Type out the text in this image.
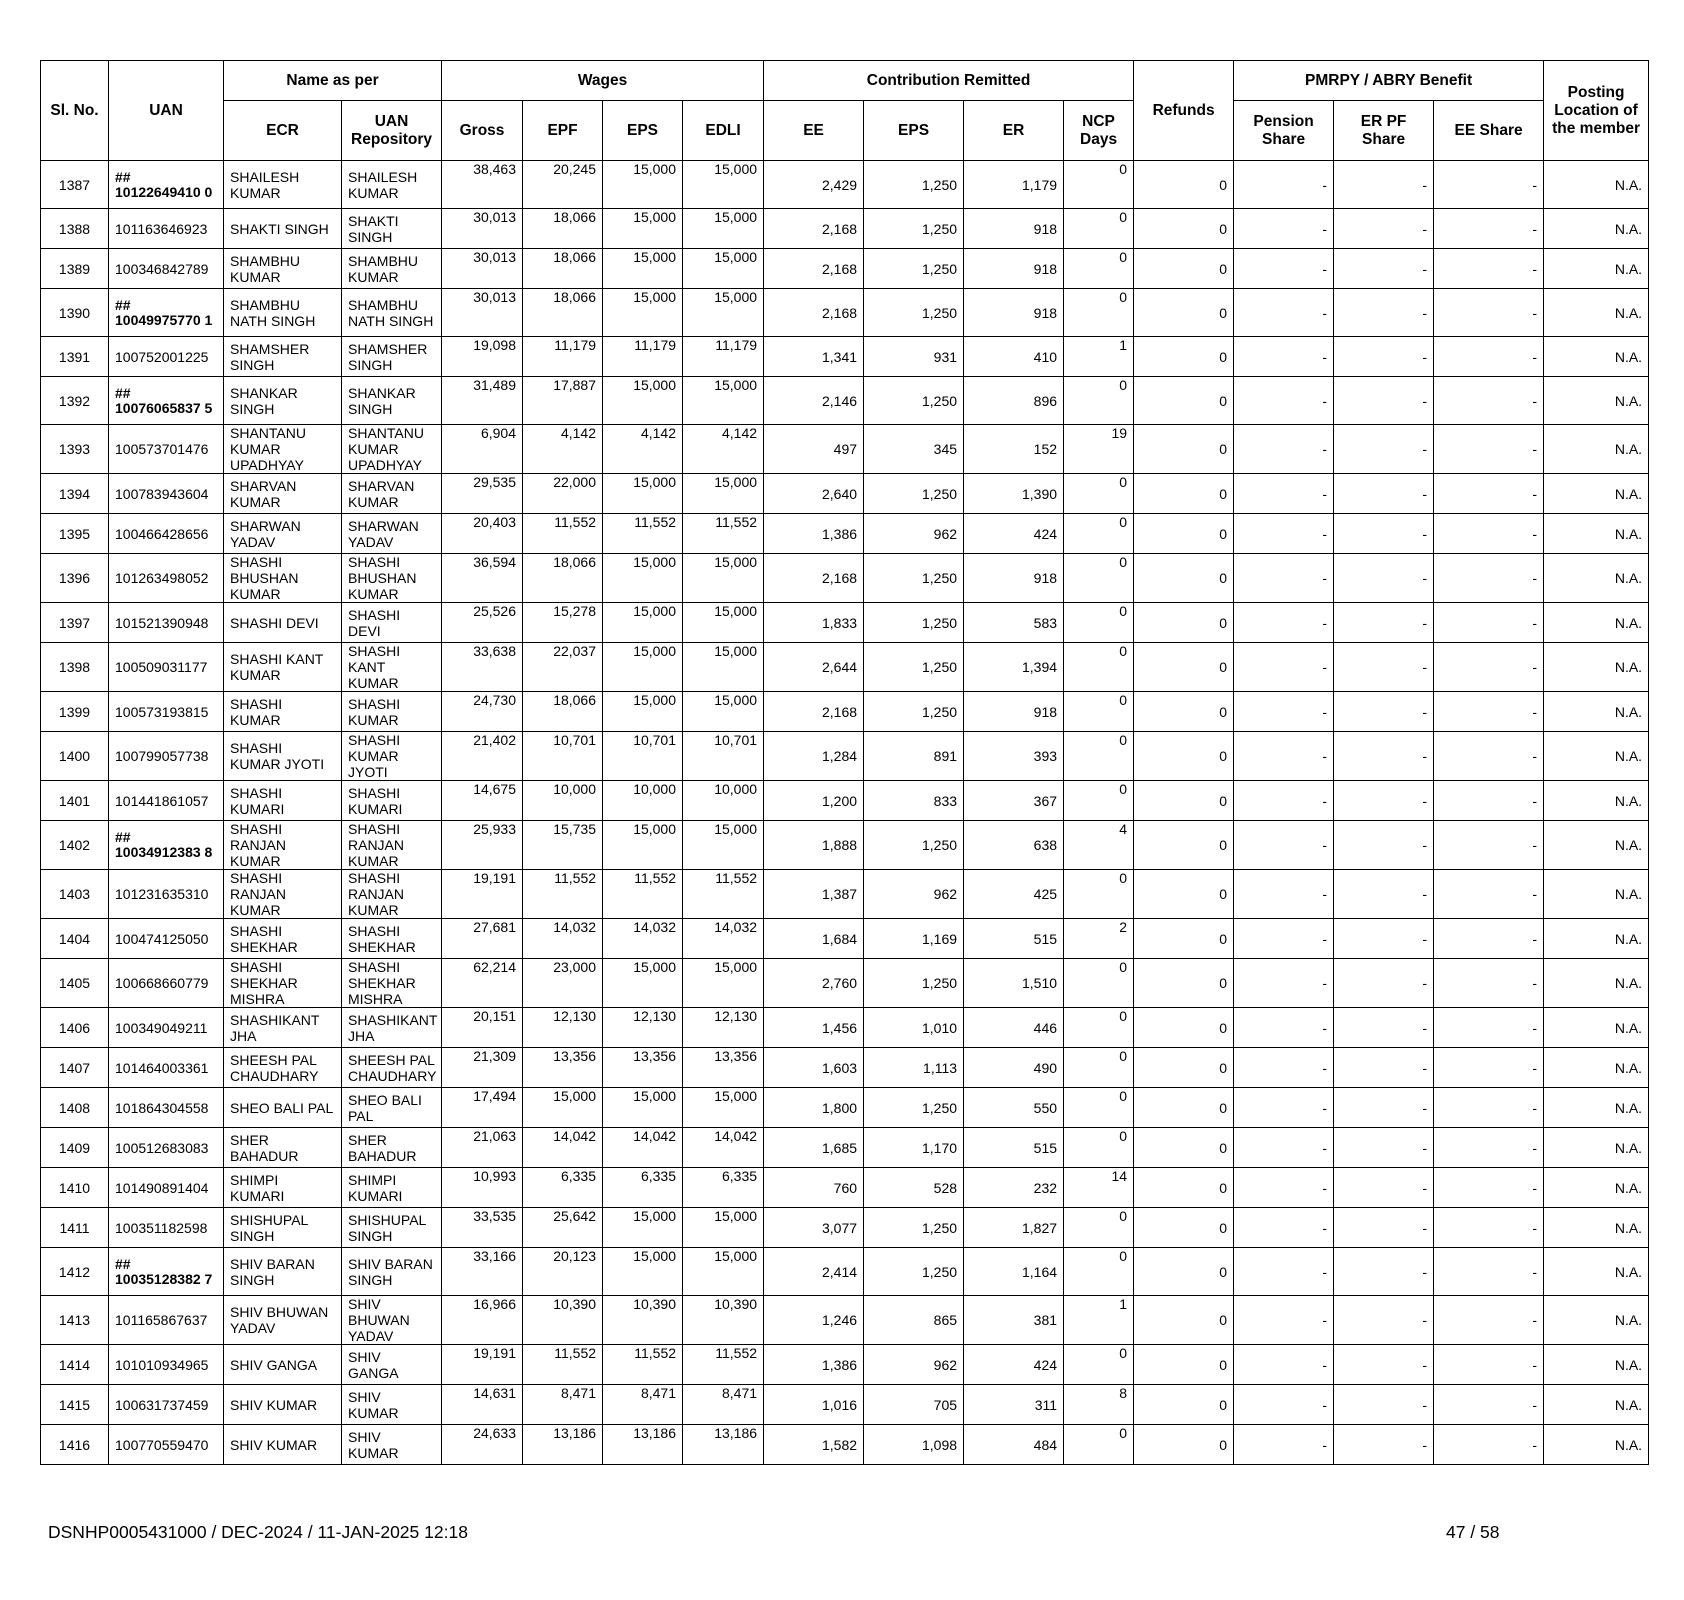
Sl. No.	UAN	Name as per		Wages				Contribution Remitted				Refunds	PMRPY / ABRY Benefit			Posting Location of the member
		ECR	UAN Repository	Gross	EPF	EPS	EDLI	EE	EPS	ER	NCP Days		Pension Share	ER PF Share	EE Share	
1387	## 10122649410 0	SHAILESH KUMAR	SHAILESH KUMAR	38,463	20,245	15,000	15,000	2,429	1,250	1,179	0	0	-	-	-	N.A.
1388	101163646923	SHAKTI SINGH	SHAKTI SINGH	30,013	18,066	15,000	15,000	2,168	1,250	918	0	0	-	-	-	N.A.
1389	100346842789	SHAMBHU KUMAR	SHAMBHU KUMAR	30,013	18,066	15,000	15,000	2,168	1,250	918	0	0	-	-	-	N.A.
1390	## 10049975770 1	SHAMBHU NATH SINGH	SHAMBHU NATH SINGH	30,013	18,066	15,000	15,000	2,168	1,250	918	0	0	-	-	-	N.A.
1391	100752001225	SHAMSHER SINGH	SHAMSHER SINGH	19,098	11,179	11,179	11,179	1,341	931	410	1	0	-	-	-	N.A.
1392	## 10076065837 5	SHANKAR SINGH	SHANKAR SINGH	31,489	17,887	15,000	15,000	2,146	1,250	896	0	0	-	-	-	N.A.
1393	100573701476	SHANTANU KUMAR UPADHYAY	SHANTANU KUMAR UPADHYAY	6,904	4,142	4,142	4,142	497	345	152	19	0	-	-	-	N.A.
1394	100783943604	SHARVAN KUMAR	SHARVAN KUMAR	29,535	22,000	15,000	15,000	2,640	1,250	1,390	0	0	-	-	-	N.A.
1395	100466428656	SHARWAN YADAV	SHARWAN YADAV	20,403	11,552	11,552	11,552	1,386	962	424	0	0	-	-	-	N.A.
1396	101263498052	SHASHI BHUSHAN KUMAR	SHASHI BHUSHAN KUMAR	36,594	18,066	15,000	15,000	2,168	1,250	918	0	0	-	-	-	N.A.
1397	101521390948	SHASHI DEVI	SHASHI DEVI	25,526	15,278	15,000	15,000	1,833	1,250	583	0	0	-	-	-	N.A.
1398	100509031177	SHASHI KANT KUMAR	SHASHI KANT KUMAR	33,638	22,037	15,000	15,000	2,644	1,250	1,394	0	0	-	-	-	N.A.
1399	100573193815	SHASHI KUMAR	SHASHI KUMAR	24,730	18,066	15,000	15,000	2,168	1,250	918	0	0	-	-	-	N.A.
1400	100799057738	SHASHI KUMAR JYOTI	SHASHI KUMAR JYOTI	21,402	10,701	10,701	10,701	1,284	891	393	0	0	-	-	-	N.A.
1401	101441861057	SHASHI KUMARI	SHASHI KUMARI	14,675	10,000	10,000	10,000	1,200	833	367	0	0	-	-	-	N.A.
1402	## 10034912383 8	SHASHI RANJAN KUMAR	SHASHI RANJAN KUMAR	25,933	15,735	15,000	15,000	1,888	1,250	638	4	0	-	-	-	N.A.
1403	101231635310	SHASHI RANJAN KUMAR	SHASHI RANJAN KUMAR	19,191	11,552	11,552	11,552	1,387	962	425	0	0	-	-	-	N.A.
1404	100474125050	SHASHI SHEKHAR	SHASHI SHEKHAR	27,681	14,032	14,032	14,032	1,684	1,169	515	2	0	-	-	-	N.A.
1405	100668660779	SHASHI SHEKHAR MISHRA	SHASHI SHEKHAR MISHRA	62,214	23,000	15,000	15,000	2,760	1,250	1,510	0	0	-	-	-	N.A.
1406	100349049211	SHASHIKANT JHA	SHASHIKANT JHA	20,151	12,130	12,130	12,130	1,456	1,010	446	0	0	-	-	-	N.A.
1407	101464003361	SHEESH PAL CHAUDHARY	SHEESH PAL CHAUDHARY	21,309	13,356	13,356	13,356	1,603	1,113	490	0	0	-	-	-	N.A.
1408	101864304558	SHEO BALI PAL	SHEO BALI PAL	17,494	15,000	15,000	15,000	1,800	1,250	550	0	0	-	-	-	N.A.
1409	100512683083	SHER BAHADUR	SHER BAHADUR	21,063	14,042	14,042	14,042	1,685	1,170	515	0	0	-	-	-	N.A.
1410	101490891404	SHIMPI KUMARI	SHIMPI KUMARI	10,993	6,335	6,335	6,335	760	528	232	14	0	-	-	-	N.A.
1411	100351182598	SHISHUPAL SINGH	SHISHUPAL SINGH	33,535	25,642	15,000	15,000	3,077	1,250	1,827	0	0	-	-	-	N.A.
1412	## 10035128382 7	SHIV BARAN SINGH	SHIV BARAN SINGH	33,166	20,123	15,000	15,000	2,414	1,250	1,164	0	0	-	-	-	N.A.
1413	101165867637	SHIV BHUWAN YADAV	SHIV BHUWAN YADAV	16,966	10,390	10,390	10,390	1,246	865	381	1	0	-	-	-	N.A.
1414	101010934965	SHIV GANGA	SHIV GANGA	19,191	11,552	11,552	11,552	1,386	962	424	0	0	-	-	-	N.A.
1415	100631737459	SHIV KUMAR	SHIV KUMAR	14,631	8,471	8,471	8,471	1,016	705	311	8	0	-	-	-	N.A.
1416	100770559470	SHIV KUMAR	SHIV KUMAR	24,633	13,186	13,186	13,186	1,582	1,098	484	0	0	-	-	-	N.A.
DSNHP0005431000 / DEC-2024 / 11-JAN-2025 12:18	47 / 58
